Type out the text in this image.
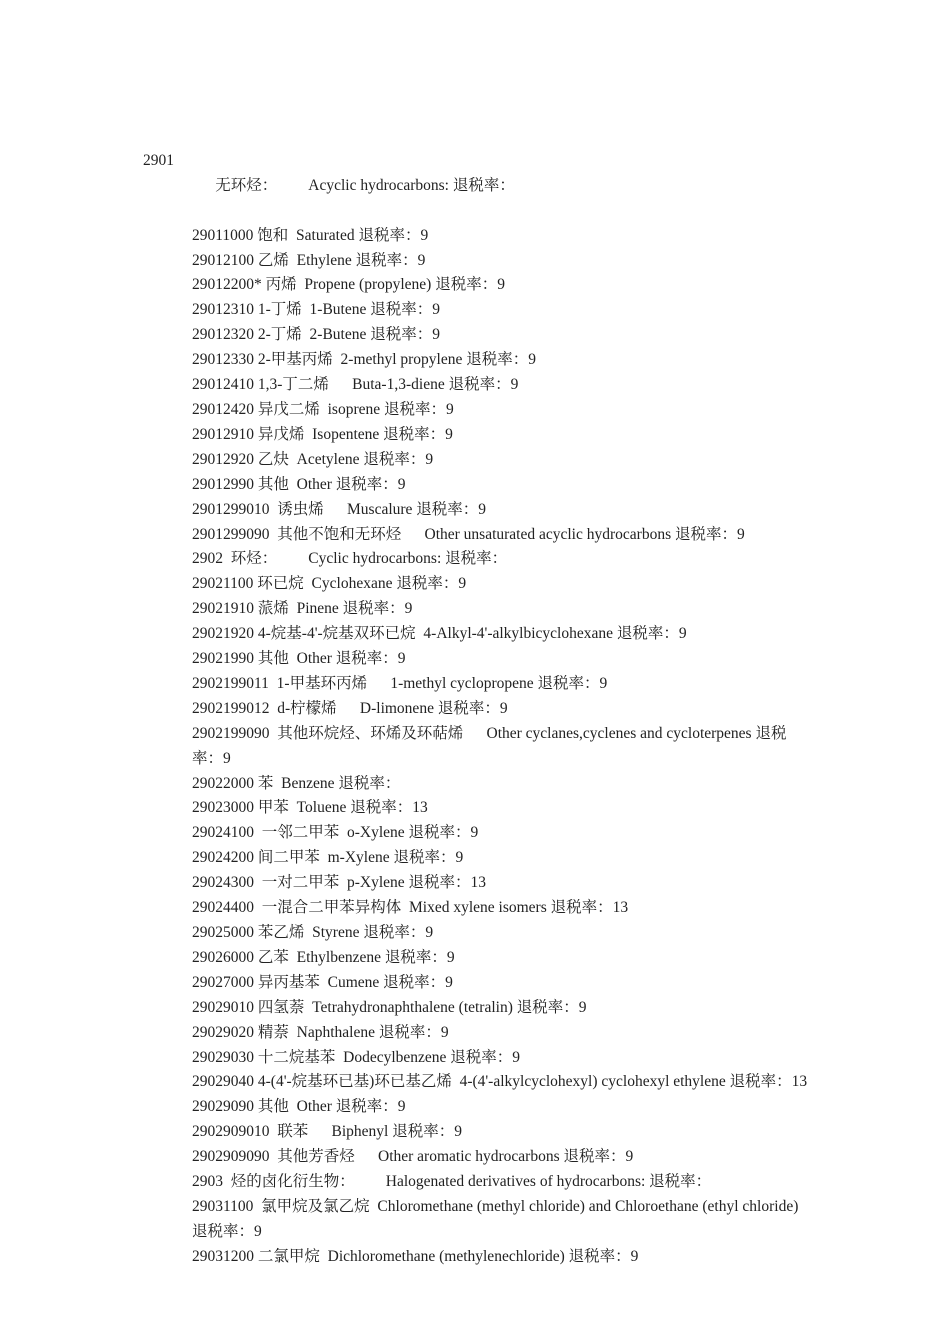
2901

无环烃：        Acyclic hydrocarbons: 退税率：

29011000 饱和  Saturated 退税率：9
29012100 乙烯  Ethylene 退税率：9
29012200* 丙烯  Propene (propylene) 退税率：9
29012310 1-丁烯  1-Butene 退税率：9
29012320 2-丁烯  2-Butene 退税率：9
29012330 2-甲基丙烯  2-methyl propylene 退税率：9
29012410 1,3-丁二烯      Buta-1,3-diene 退税率：9
29012420 异戊二烯  isoprene 退税率：9
29012910 异戊烯  Isopentene 退税率：9
29012920 乙炔  Acetylene 退税率：9
29012990 其他  Other 退税率：9
2901299010  诱虫烯      Muscalure 退税率：9
2901299090  其他不饱和无环烃      Other unsaturated acyclic hydrocarbons 退税率：9
2902  环烃：        Cyclic hydrocarbons: 退税率：
29021100 环已烷  Cyclohexane 退税率：9
29021910 蒎烯  Pinene 退税率：9
29021920 4-烷基-4'-烷基双环已烷  4-Alkyl-4'-alkylbicyclohexane 退税率：9
29021990 其他  Other 退税率：9
2902199011  1-甲基环丙烯      1-methyl cyclopropene 退税率：9
2902199012  d-柠檬烯      D-limonene 退税率：9
2902199090  其他环烷烃、环烯及环萜烯      Other cyclanes,cyclenes and cycloterpenes 退税率：9
29022000 苯  Benzene 退税率：
29023000 甲苯  Toluene 退税率：13
29024100  一邻二甲苯  o-Xylene 退税率：9
29024200 间二甲苯  m-Xylene 退税率：9
29024300  一对二甲苯  p-Xylene 退税率：13
29024400  一混合二甲苯异构体  Mixed xylene isomers 退税率：13
29025000 苯乙烯  Styrene 退税率：9
29026000 乙苯  Ethylbenzene 退税率：9
29027000 异丙基苯  Cumene 退税率：9
29029010 四氢萘  Tetrahydronaphthalene (tetralin) 退税率：9
29029020 精萘  Naphthalene 退税率：9
29029030 十二烷基苯  Dodecylbenzene 退税率：9
29029040 4-(4'-烷基环已基)环已基乙烯  4-(4'-alkylcyclohexyl) cyclohexyl ethylene 退税率：13
29029090 其他  Other 退税率：9
2902909010  联苯      Biphenyl 退税率：9
2902909090  其他芳香烃      Other aromatic hydrocarbons 退税率：9
2903  烃的卤化衍生物：        Halogenated derivatives of hydrocarbons: 退税率：
29031100  氯甲烷及氯乙烷  Chloromethane (methyl chloride) and Chloroethane (ethyl chloride) 退税率：9
29031200 二氯甲烷  Dichloromethane (methylenechloride) 退税率：9
